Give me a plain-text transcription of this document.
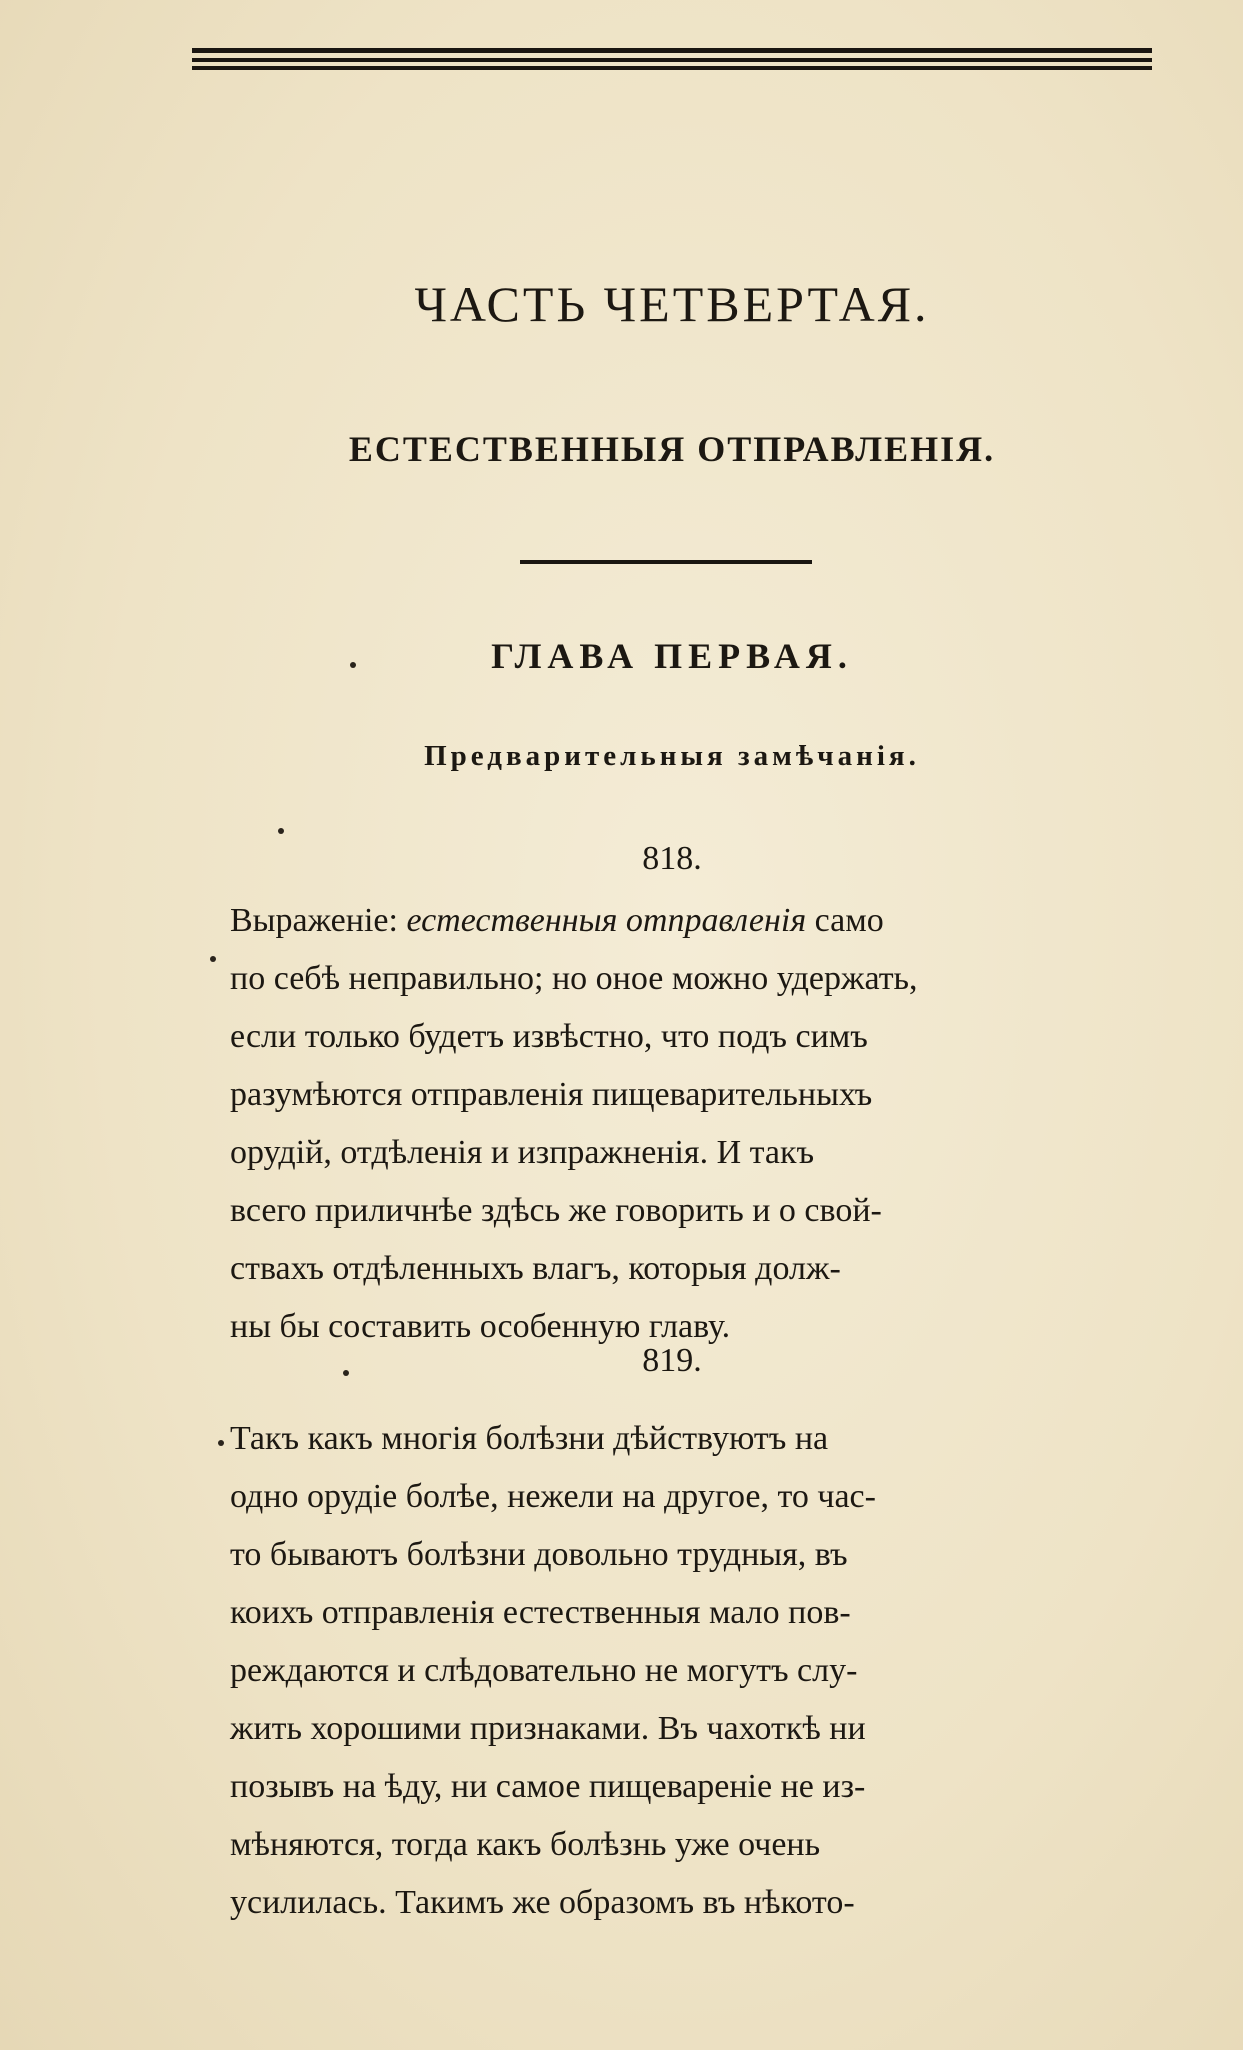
ЧАСТЬ ЧЕТВЕРТАЯ.
ЕСТЕСТВЕННЫЯ ОТПРАВЛЕНІЯ.
ГЛАВА ПЕРВАЯ.
Предварительныя замѣчанія.
818.
Выраженіе: естественныя отправленія само
по себѣ неправильно; но оное можно удержать,
если только будетъ извѣстно, что подъ симъ
разумѣются отправленія пищеварительныхъ
орудій, отдѣленія и изпражненія. И такъ
всего приличнѣе здѣсь же говорить и о свой-
ствахъ отдѣленныхъ влагъ, которыя долж-
ны бы составить особенную главу.
819.
Такъ какъ многія болѣзни дѣйствуютъ на
одно орудіе болѣе, нежели на другое, то час-
то бываютъ болѣзни довольно трудныя, въ
коихъ отправленія естественныя мало пов-
реждаются и слѣдовательно не могутъ слу-
жить хорошими признаками. Въ чахоткѣ ни
позывъ на ѣду, ни самое пищевареніе не из-
мѣняются, тогда какъ болѣзнь уже очень
усилилась. Такимъ же образомъ въ нѣкото-
